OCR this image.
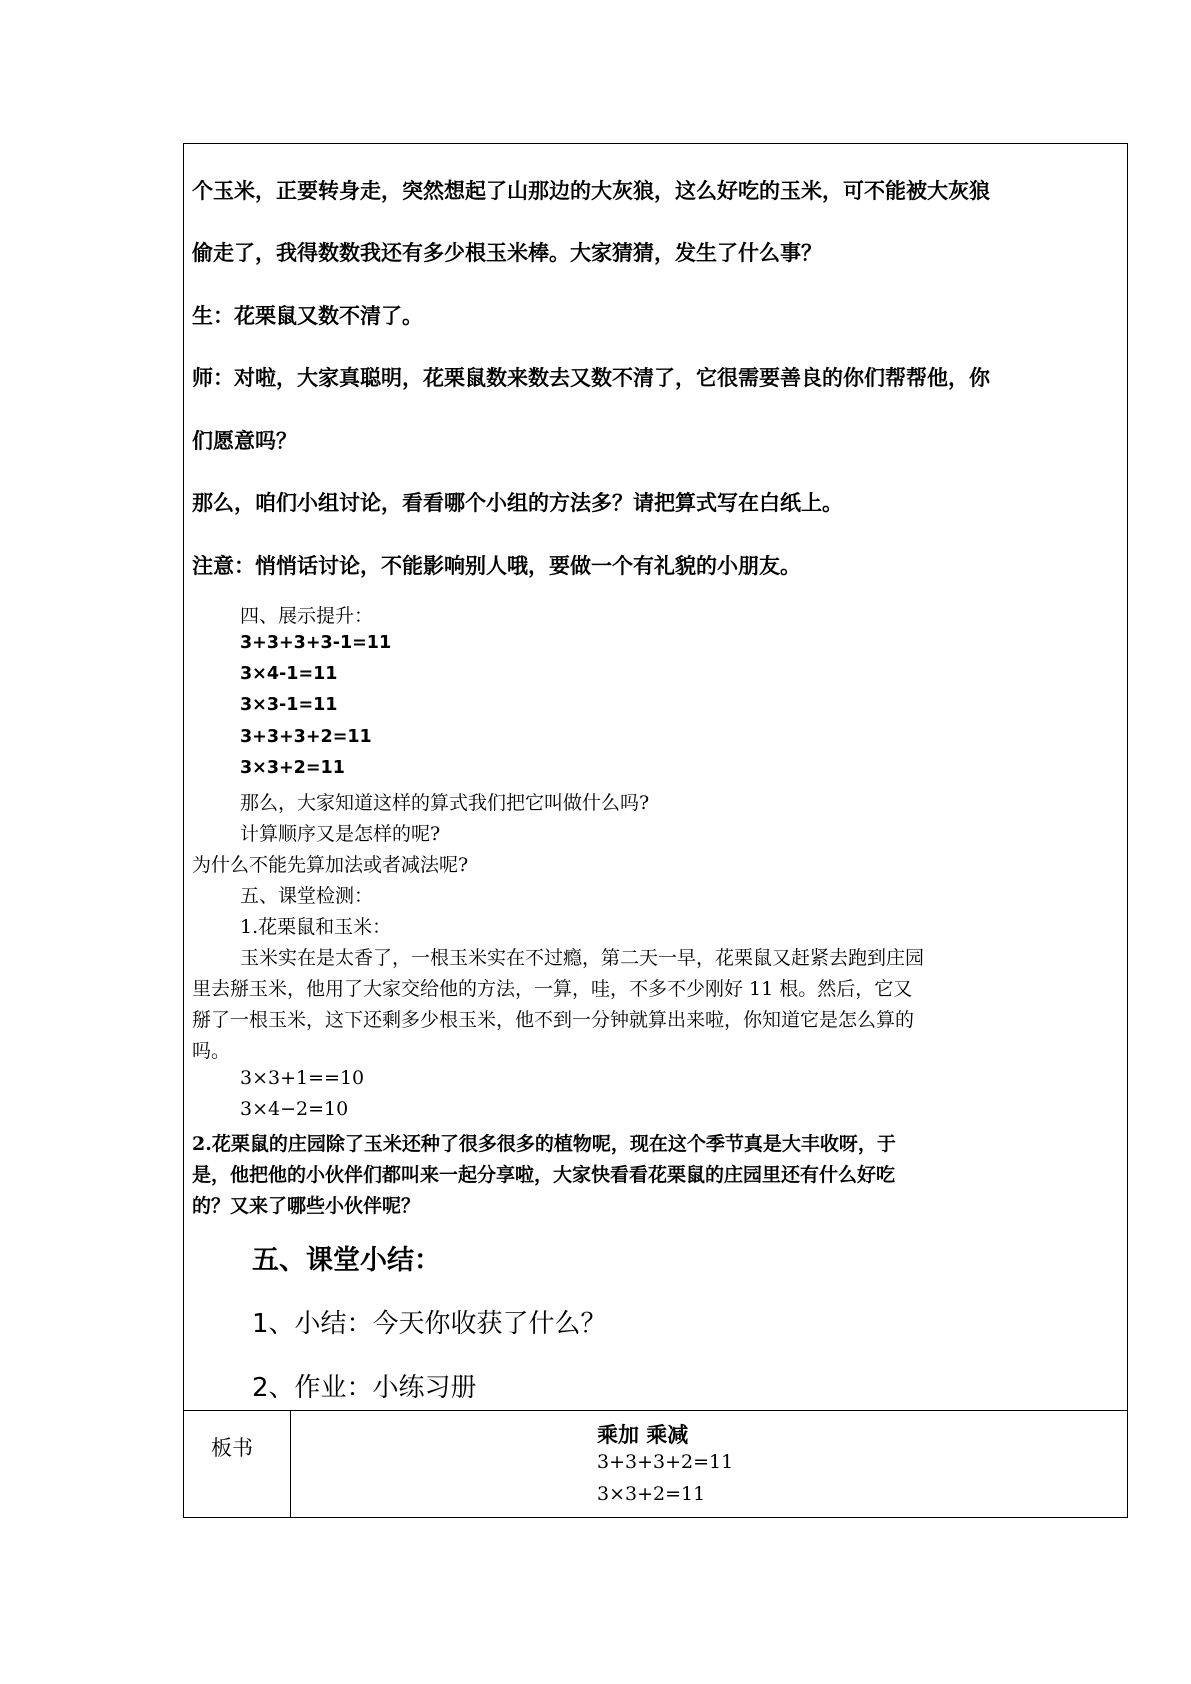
个玉米，正要转身走，突然想起了山那边的大灰狼，这么好吃的玉米，可不能被大灰狼
偷走了，我得数数我还有多少根玉米棒。大家猜猜，发生了什么事？
生：花栗鼠又数不清了。
师：对啦，大家真聪明，花栗鼠数来数去又数不清了，它很需要善良的你们帮帮他，你
们愿意吗？
那么，咱们小组讨论，看看哪个小组的方法多？请把算式写在白纸上。
注意：悄悄话讨论，不能影响别人哦，要做一个有礼貌的小朋友。
四、展示提升：
3+3+3+3-1=11
3×4-1=11
3×3-1=11
3+3+3+2=11
3×3+2=11
那么，大家知道这样的算式我们把它叫做什么吗?
计算顺序又是怎样的呢?
为什么不能先算加法或者减法呢?
五、课堂检测：
1.花栗鼠和玉米：
玉米实在是太香了，一根玉米实在不过瘾，第二天一早，花栗鼠又赶紧去跑到庄园
里去掰玉米，他用了大家交给他的方法，一算，哇，不多不少刚好 11 根。然后，它又
掰了一根玉米，这下还剩多少根玉米，他不到一分钟就算出来啦，你知道它是怎么算的
吗。
3×3+1==10
3×4−2=10
2.花栗鼠的庄园除了玉米还种了很多很多的植物呢，现在这个季节真是大丰收呀，于
是，他把他的小伙伴们都叫来一起分享啦，大家快看看花栗鼠的庄园里还有什么好吃
的？又来了哪些小伙伴呢？
五、课堂小结：
1、小结：今天你收获了什么？
2、作业：小练习册
板书
乘加 乘减
3+3+3+2=11
3×3+2=11
